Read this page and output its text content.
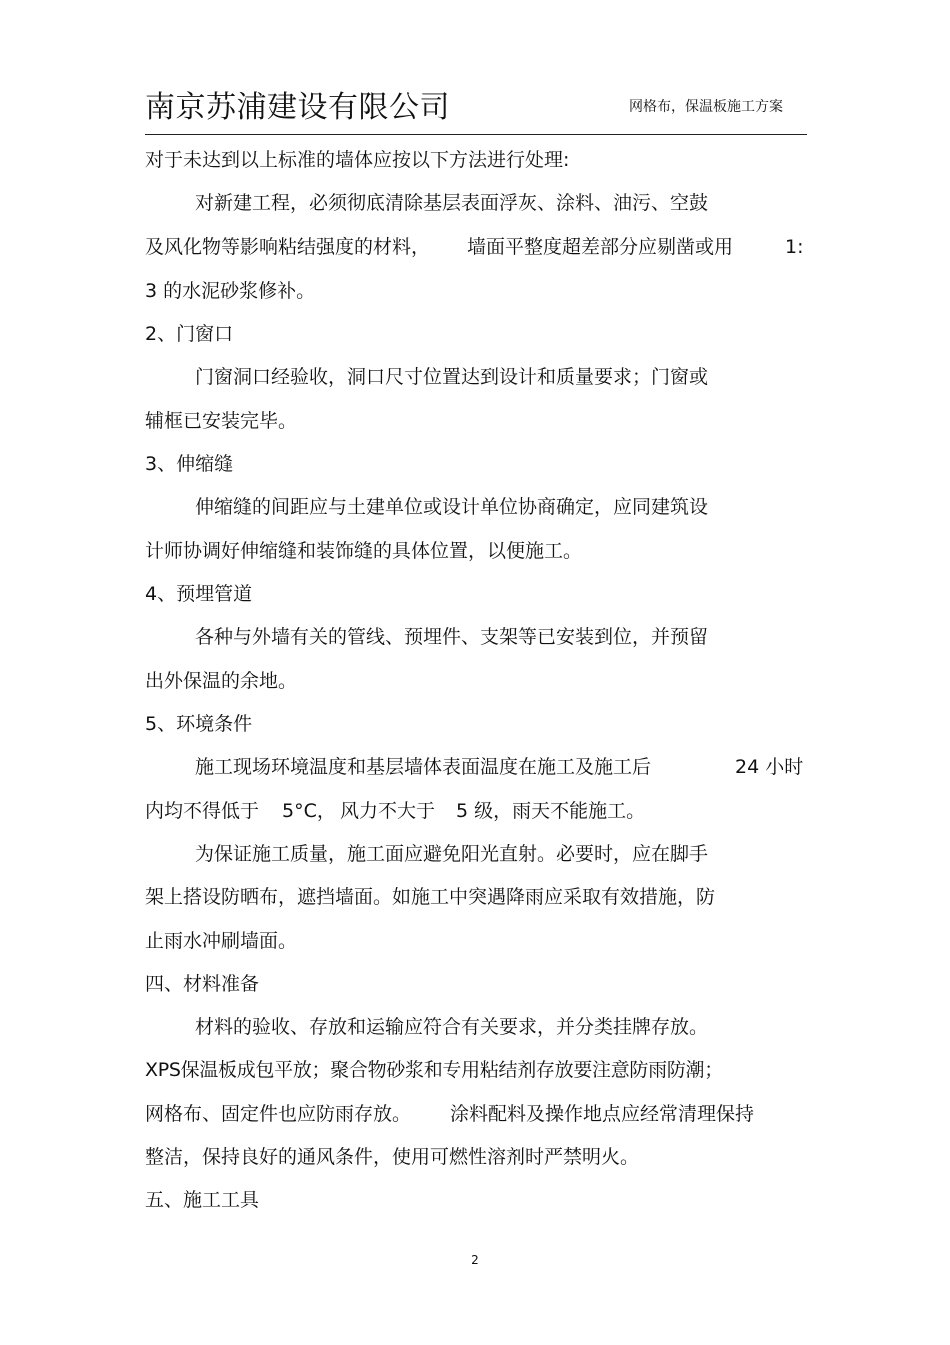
南京苏浦建设有限公司	网格布，保温板施工方案
对于未达到以上标准的墙体应按以下方法进行处理:
对新建工程，必须彻底清除基层表面浮灰、涂料、油污、空鼓
及风化物等影响粘结强度的材料， 墙面平整度超差部分应剔凿或用	1:
3 的水泥砂浆修补。
2、门窗口
门窗洞口经验收，洞口尺寸位置达到设计和质量要求；门窗或
辅框已安装完毕。
3、伸缩缝
伸缩缝的间距应与土建单位或设计单位协商确定，应同建筑设
计师协调好伸缩缝和装饰缝的具体位置，以便施工。
4、预埋管道
各种与外墙有关的管线、预埋件、支架等已安装到位，并预留
出外保温的余地。
5、环境条件
施工现场环境温度和基层墙体表面温度在施工及施工后	24 小时
内均不得低于 5°C， 风力不大于 5 级，雨天不能施工。
为保证施工质量，施工面应避免阳光直射。必要时，应在脚手
架上搭设防晒布，遮挡墙面。如施工中突遇降雨应采取有效措施，防
止雨水冲刷墙面。
四、材料准备
材料的验收、存放和运输应符合有关要求，并分类挂牌存放。
XPS保温板成包平放；聚合物砂浆和专用粘结剂存放要注意防雨防潮；
网格布、固定件也应防雨存放。 涂料配料及操作地点应经常清理保持
整洁，保持良好的通风条件，使用可燃性溶剂时严禁明火。
五、施工工具
2
